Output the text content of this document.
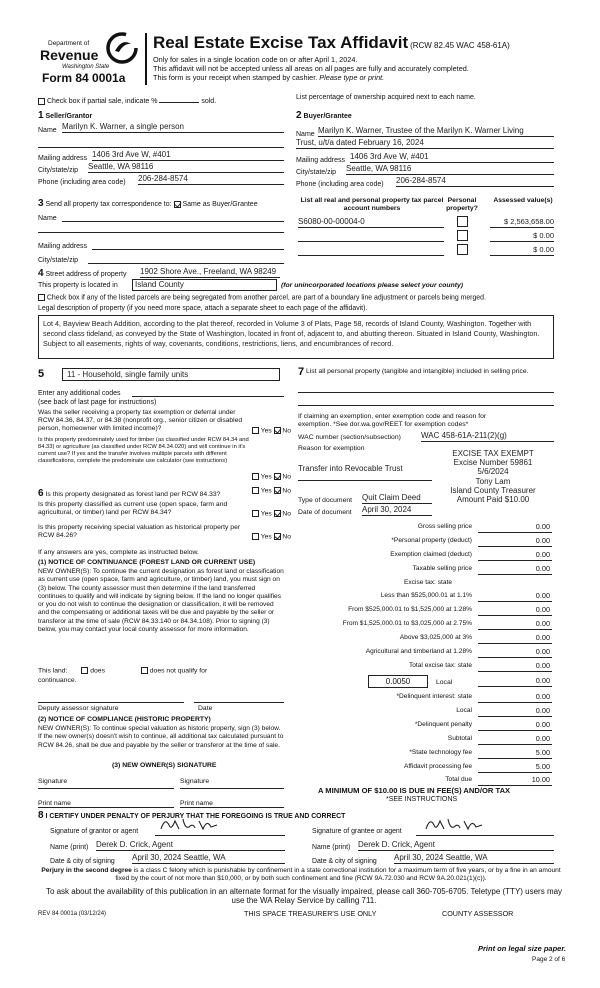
Department of
Revenue
Washington State
Form 84 0001a
Real Estate Excise Tax Affidavit (RCW 82.45 WAC 458-61A)
Only for sales in a single location code on or after April 1, 2024.
This affidavit will not be accepted unless all areas on all pages are fully and accurately completed.
This form is your receipt when stamped by cashier. Please type or print.
Check box if partial sale, indicate %	sold.
List percentage of ownership acquired next to each name.
1 Seller/Grantor
Name Marilyn K. Warner, a single person
Mailing address 1406 3rd Ave W, #401
City/state/zip Seattle, WA 98116
Phone (including area code) 206-284-8574
2 Buyer/Grantee
Name Marilyn K. Warner, Trustee of the Marilyn K. Warner Living
Trust, u/t/a dated February 16, 2024
Mailing address 1406 3rd Ave W, #401
City/state/zip Seattle, WA 98116
Phone (including area code) 206-284-8574
3 Send all property tax correspondence to: Same as Buyer/Grantee
Name
Mailing address
City/state/zip
List all real and personal property tax parcel account numbers
Personal property?
Assessed value(s)
S6080-00-00004-0	$ 2,563,658.00
$ 0.00
$ 0.00
4 Street address of property 1902 Shore Ave., Freeland, WA 98249
This property is located in	Island County	(for unincorporated locations please select your county)
Check box if any of the listed parcels are being segregated from another parcel, are part of a boundary line adjustment or parcels being merged.
Legal description of property (if you need more space, attach a separate sheet to each page of the affidavit).
Lot 4, Bayview Beach Addition, according to the plat thereof, recorded in Volume 3 of Plats, Page 58, records of Island County, Washington. Together with second class tideland, as conveyed by the State of Washington, located in front of, adjacent to, and abutting thereon. Situated in Island County, Washington. Subject to all easements, rights of way, covenants, conditions, restrictions, liens, and encumbrances of record.
5	11 - Household, single family units
Enter any additional codes
(see back of last page for instructions)
Was the seller receiving a property tax exemption or deferral under RCW 84.36, 84.37, or 84.38 (nonprofit org., senior citizen or disabled person, homeowner with limited income)?	Yes No
Is this property predominately used for timber (as classified under RCW 84.34 and 84.33) or agriculture (as classified under RCW 84.34.020) and will continue in it's current use? If yes and the transfer involves multiple parcels with different classifications, complete the predominate use calculator (see instructions)
Yes No
6 Is this property designated as forest land per RCW 84.33?
Yes No
Is this property classified as current use (open space, farm and agricultural, or timber) land per RCW 84.34?	Yes No
Is this property receiving special valuation as historical property per RCW 84.26?	Yes No
If any answers are yes, complete as instructed below.
(1) NOTICE OF CONTINUANCE (FOREST LAND OR CURRENT USE)
NEW OWNER(S): To continue the current designation as forest land or classification as current use (open space, farm and agriculture, or timber) land, you must sign on (3) below. The county assessor must then determine if the land transferred continues to qualify and will indicate by signing below. If the land no longer qualifies or you do not wish to continue the designation or classification, it will be removed and the compensating or additional taxes will be due and payable by the seller or transferor at the time of sale (RCW 84.33.140 or 84.34.108). Prior to signing (3) below, you may contact your local county assessor for more information.
This land:	does	does not qualify for
continuance.
Deputy assessor signature	Date
(2) NOTICE OF COMPLIANCE (HISTORIC PROPERTY)
NEW OWNER(S): To continue special valuation as historic property, sign (3) below. If the new owner(s) doesn't wish to continue, all additional tax calculated pursuant to RCW 84.26, shall be due and payable by the seller or transferor at the time of sale.
(3) NEW OWNER(S) SIGNATURE
Signature	Signature
Print name	Print name
7 List all personal property (tangible and intangible) included in selling price.
If claiming an exemption, enter exemption code and reason for exemption. *See dor.wa.gov/REET for exemption codes*
WAC number (section/subsection)	WAC 458-61A-211(2)(g)
Reason for exemption
Transfer into Revocable Trust
Type of document Quit Claim Deed
Date of document April 30, 2024
EXCISE TAX EXEMPT
Excise Number 59861
5/6/2024
Tony Lam
Island County Treasurer
Amount Paid $10.00
Gross selling price	0.00
*Personal property (deduct)	0.00
Exemption claimed (deduct)	0.00
Taxable selling price	0.00
Excise tax: state
Less than $525,000.01 at 1.1%	0.00
From $525,000.01 to $1,525,000 at 1.28%	0.00
From $1,525,000.01 to $3,025,000 at 2.75%	0.00
Above $3,025,000 at 3%	0.00
Agricultural and timberland at 1.28%	0.00
Total excise tax: state	0.00
0.0050	Local	0.00
*Delinquent interest: state	0.00
Local	0.00
*Delinquent penalty	0.00
Subtotal	0.00
*State technology fee	5.00
Affidavit processing fee	5.00
Total due	10.00
A MINIMUM OF $10.00 IS DUE IN FEE(S) AND/OR TAX
*SEE INSTRUCTIONS
8 I CERTIFY UNDER PENALTY OF PERJURY THAT THE FOREGOING IS TRUE AND CORRECT
Signature of grantor or agent	Signature of grantee or agent
Name (print) Derek D. Crick, Agent	Name (print) Derek D. Crick, Agent
Date & city of signing April 30, 2024 Seattle, WA	Date & city of signing April 30, 2024 Seattle, WA
Perjury in the second degree is a class C felony which is punishable by confinement in a state correctional institution for a maximum term of five years, or by a fine in an amount fixed by the court of not more than $10,000, or by both such confinement and fine (RCW 9A.72.030 and RCW 9A.20.021(1)(c)).
To ask about the availability of this publication in an alternate format for the visually impaired, please call 360-705-6705. Teletype (TTY) users may use the WA Relay Service by calling 711.
REV 84 0001a (03/12/24)	THIS SPACE TREASURER'S USE ONLY	COUNTY ASSESSOR
Print on legal size paper.
Page 2 of 6
